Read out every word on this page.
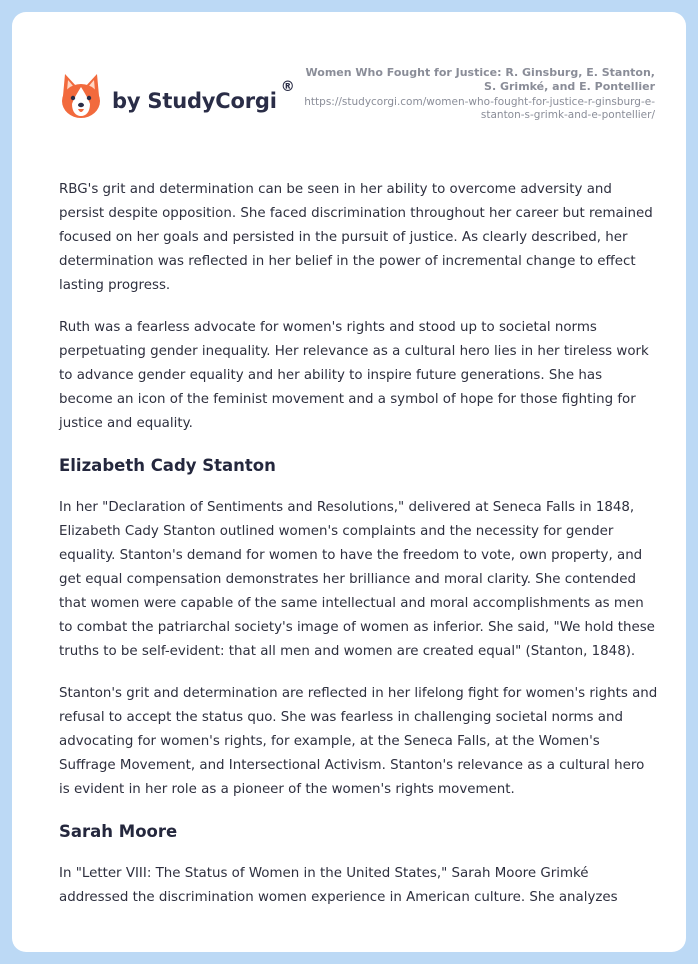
by StudyCorgi
®
Women Who Fought for Justice: R. Ginsburg, E. Stanton, S. Grimké, and E. Pontellier
https://studycorgi.com/women-who-fought-for-justice-r-ginsburg-e-stanton-s-grimk-and-e-pontellier/

RBG's grit and determination can be seen in her ability to overcome adversity and persist despite opposition. She faced discrimination throughout her career but remained focused on her goals and persisted in the pursuit of justice. As clearly described, her determination was reflected in her belief in the power of incremental change to effect lasting progress.

Ruth was a fearless advocate for women's rights and stood up to societal norms perpetuating gender inequality. Her relevance as a cultural hero lies in her tireless work to advance gender equality and her ability to inspire future generations. She has become an icon of the feminist movement and a symbol of hope for those fighting for justice and equality.

Elizabeth Cady Stanton

In her "Declaration of Sentiments and Resolutions," delivered at Seneca Falls in 1848, Elizabeth Cady Stanton outlined women's complaints and the necessity for gender equality. Stanton's demand for women to have the freedom to vote, own property, and get equal compensation demonstrates her brilliance and moral clarity. She contended that women were capable of the same intellectual and moral accomplishments as men to combat the patriarchal society's image of women as inferior. She said, "We hold these truths to be self-evident: that all men and women are created equal" (Stanton, 1848).

Stanton's grit and determination are reflected in her lifelong fight for women's rights and refusal to accept the status quo. She was fearless in challenging societal norms and advocating for women's rights, for example, at the Seneca Falls, at the Women's Suffrage Movement, and Intersectional Activism. Stanton's relevance as a cultural hero is evident in her role as a pioneer of the women's rights movement.

Sarah Moore

In "Letter VIII: The Status of Women in the United States," Sarah Moore Grimké addressed the discrimination women experience in American culture. She analyzes
